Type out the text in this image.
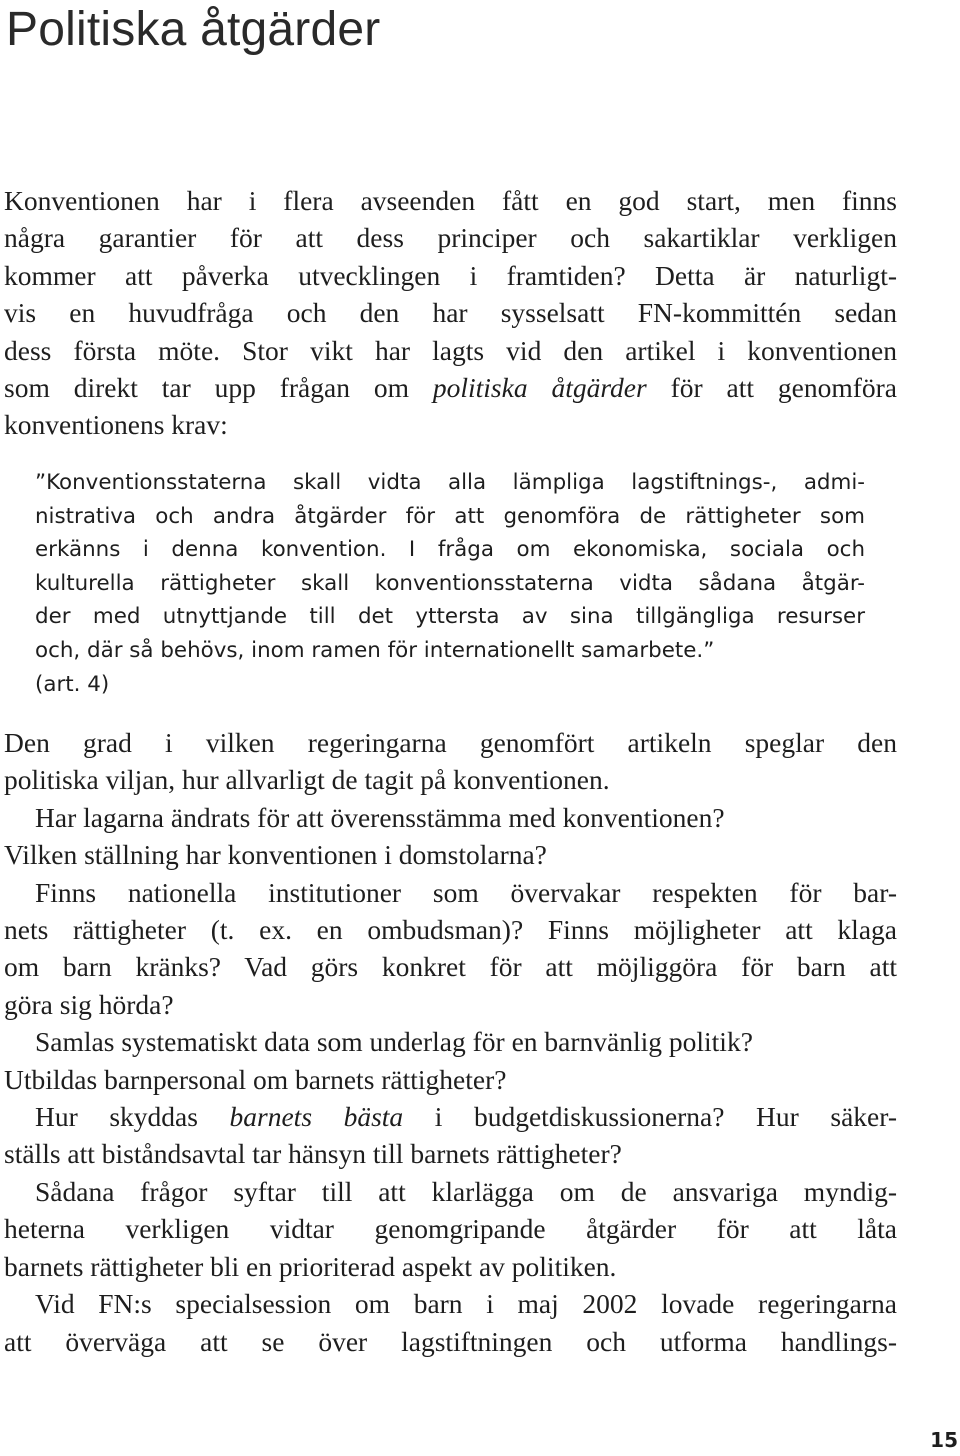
Politiska åtgärder
Konventionen har i flera avseenden fått en god start, men finns
några garantier för att dess principer och sakartiklar verkligen
kommer att påverka utvecklingen i framtiden? Detta är naturligt-
vis en huvudfråga och den har sysselsatt FN-kommittén sedan
dess första möte. Stor vikt har lagts vid den artikel i konventionen
som direkt tar upp frågan om politiska åtgärder för att genomföra
konventionens krav:
”Konventionsstaterna skall vidta alla lämpliga lagstiftnings-, admi-
nistrativa och andra åtgärder för att genomföra de rättigheter som
erkänns i denna konvention. I fråga om ekonomiska, sociala och
kulturella rättigheter skall konventionsstaterna vidta sådana åtgär-
der med utnyttjande till det yttersta av sina tillgängliga resurser
och, där så behövs, inom ramen för internationellt samarbete.”
(art. 4)
Den grad i vilken regeringarna genomfört artikeln speglar den
politiska viljan, hur allvarligt de tagit på konventionen.
Har lagarna ändrats för att överensstämma med konventionen?
Vilken ställning har konventionen i domstolarna?
Finns nationella institutioner som övervakar respekten för bar-
nets rättigheter (t. ex. en ombudsman)? Finns möjligheter att klaga
om barn kränks? Vad görs konkret för att möjliggöra för barn att
göra sig hörda?
Samlas systematiskt data som underlag för en barnvänlig politik?
Utbildas barnpersonal om barnets rättigheter?
Hur skyddas barnets bästa i budgetdiskussionerna? Hur säker-
ställs att biståndsavtal tar hänsyn till barnets rättigheter?
Sådana frågor syftar till att klarlägga om de ansvariga myndig-
heterna verkligen vidtar genomgripande åtgärder för att låta
barnets rättigheter bli en prioriterad aspekt av politiken.
Vid FN:s specialsession om barn i maj 2002 lovade regeringarna
att överväga att se över lagstiftningen och utforma handlings-
15
